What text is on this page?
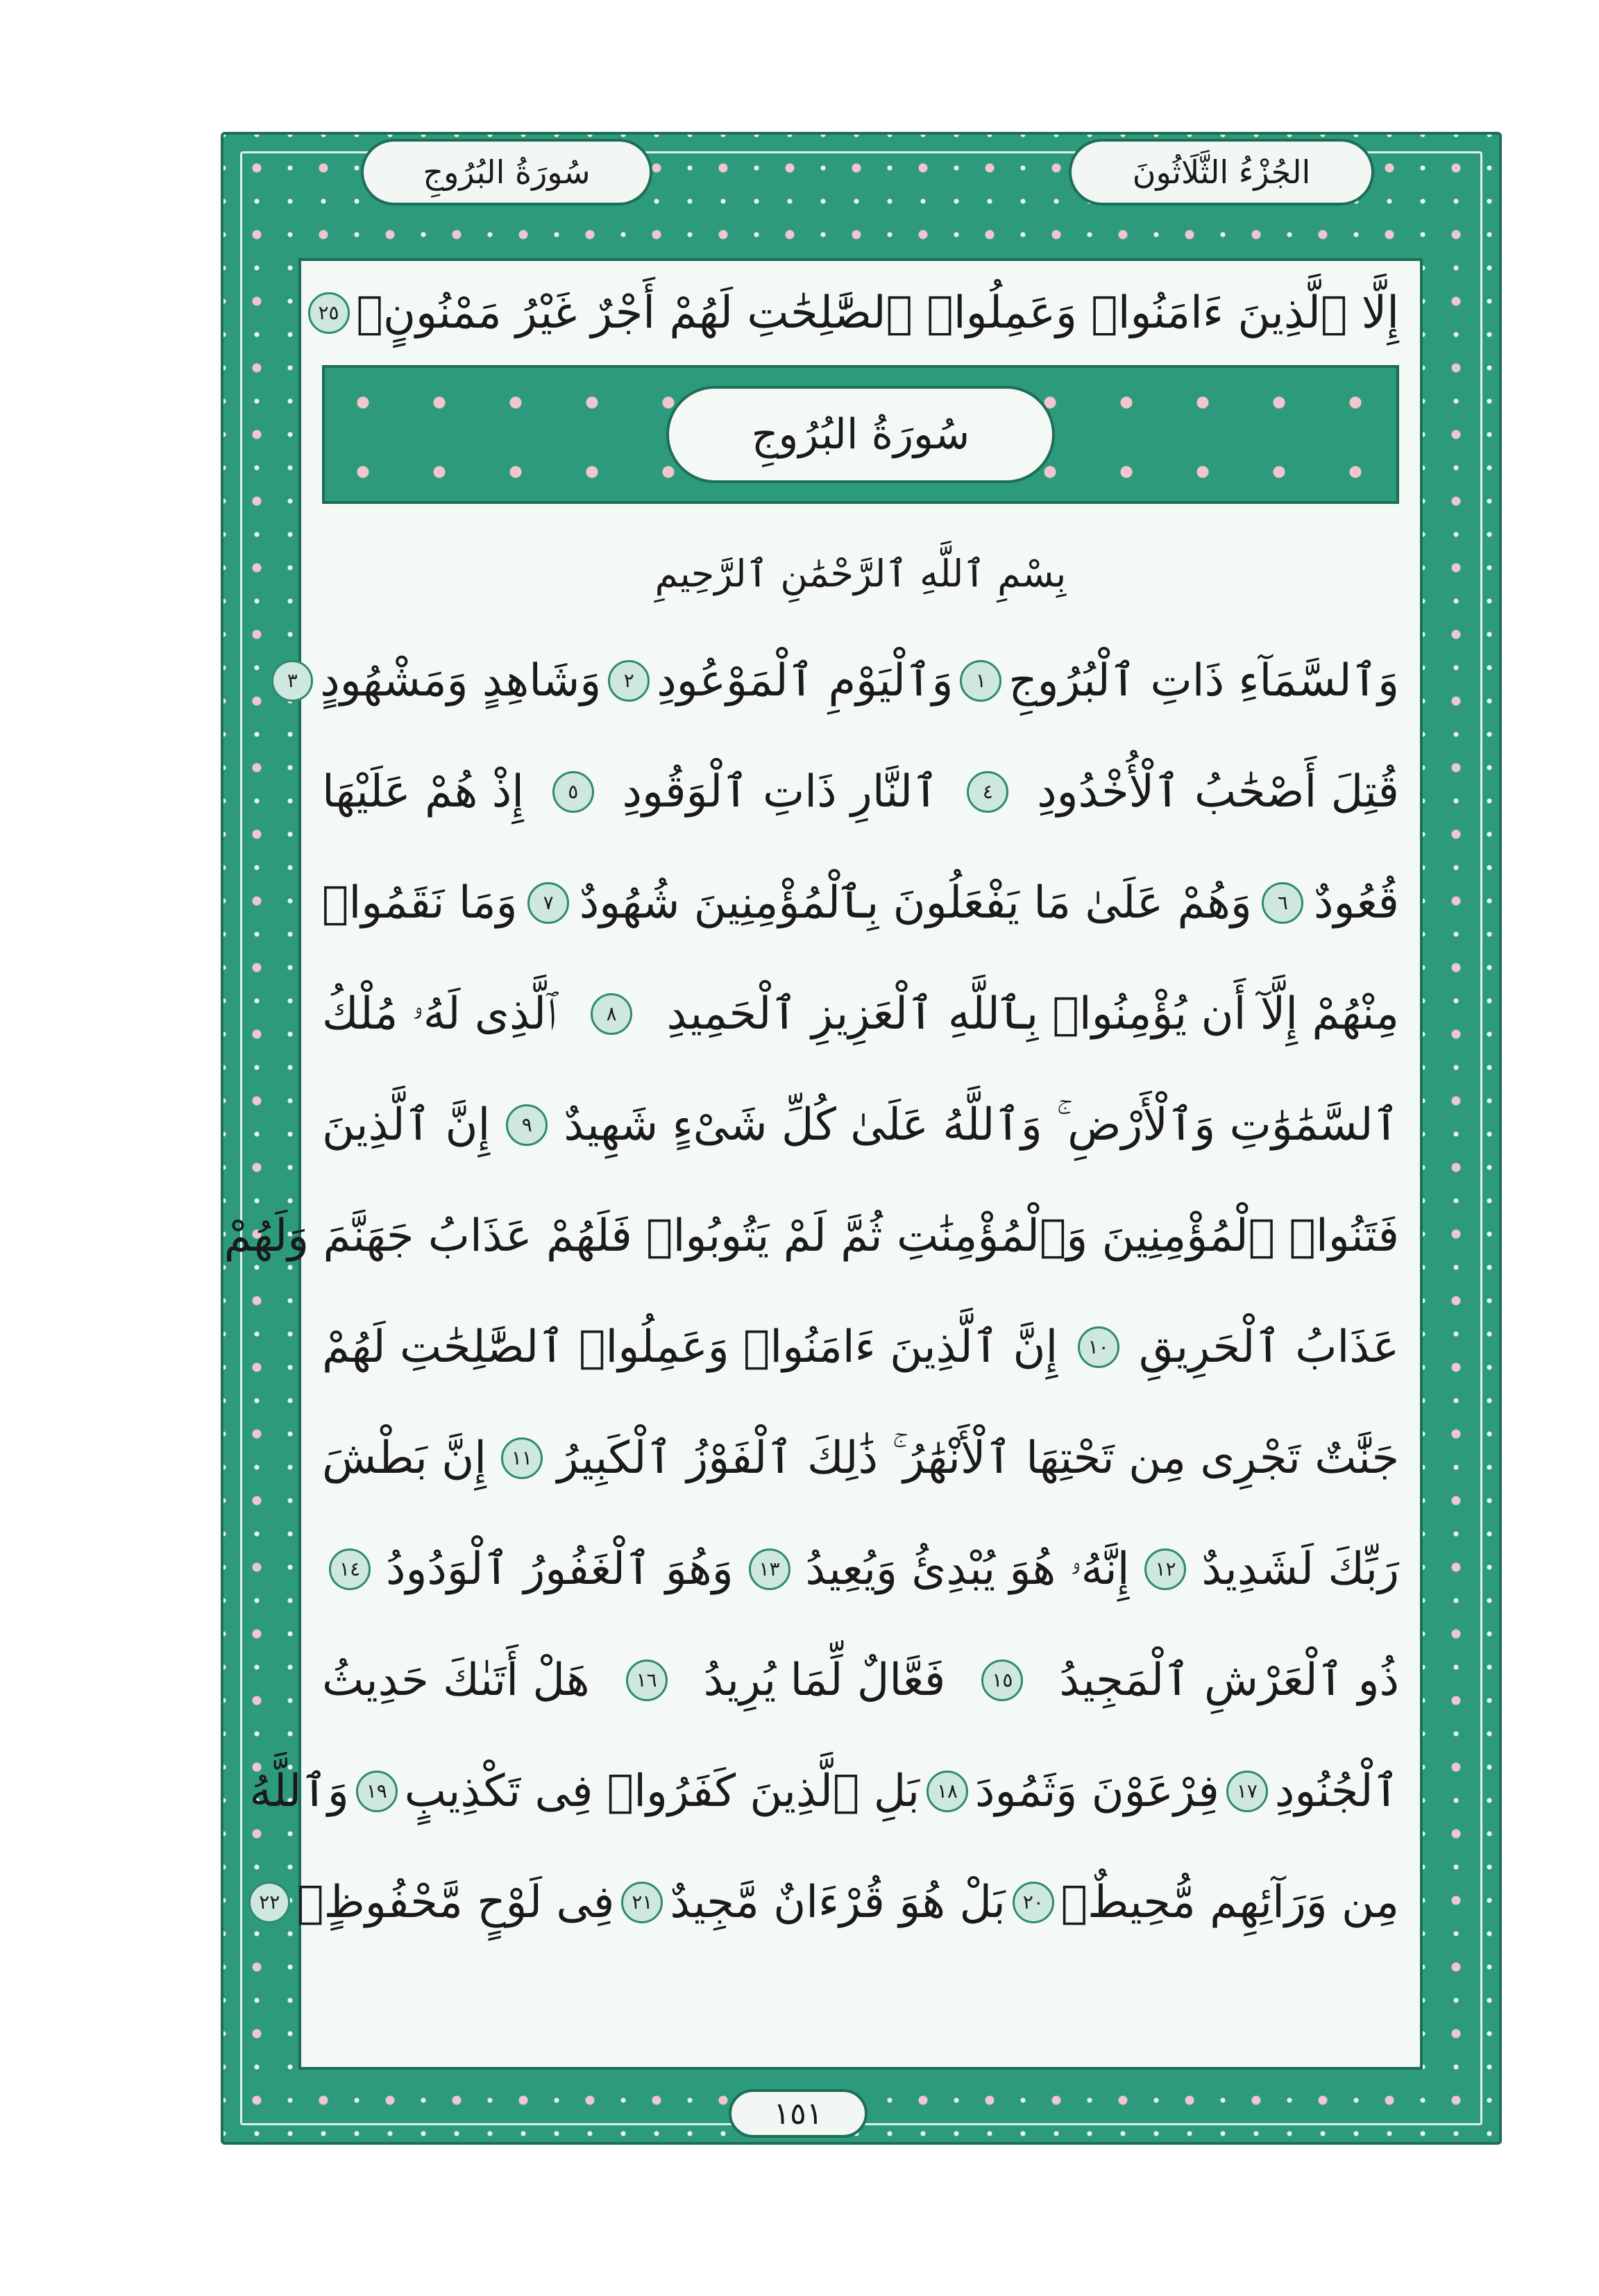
سُورَةُ البُرُوجِ	الجُزْءُ الثَّلَاثُونَ
إِلَّا ٱلَّذِينَ ءَامَنُوا۟ وَعَمِلُوا۟ ٱلصَّٰلِحَٰتِ لَهُمْ أَجْرٌ غَيْرُ مَمْنُونٍۭ
٢٥
سُورَةُ البُرُوجِ
بِسْمِ ٱللَّهِ ٱلرَّحْمَٰنِ ٱلرَّحِيمِ
وَٱلسَّمَآءِ ذَاتِ ٱلْبُرُوجِ
١
وَٱلْيَوْمِ ٱلْمَوْعُودِ
٢
وَشَاهِدٍ وَمَشْهُودٍ
٣
قُتِلَ أَصْحَٰبُ ٱلْأُخْدُودِ
٤
ٱلنَّارِ ذَاتِ ٱلْوَقُودِ
٥
إِذْ هُمْ عَلَيْهَا
قُعُودٌ
٦
وَهُمْ عَلَىٰ مَا يَفْعَلُونَ بِٱلْمُؤْمِنِينَ شُهُودٌ
٧
وَمَا نَقَمُوا۟
مِنْهُمْ إِلَّآ أَن يُؤْمِنُوا۟ بِٱللَّهِ ٱلْعَزِيزِ ٱلْحَمِيدِ
٨
ٱلَّذِى لَهُۥ مُلْكُ
ٱلسَّمَٰوَٰتِ وَٱلْأَرْضِ ۚ وَٱللَّهُ عَلَىٰ كُلِّ شَىْءٍ شَهِيدٌ
٩
إِنَّ ٱلَّذِينَ
فَتَنُوا۟ ٱلْمُؤْمِنِينَ وَٱلْمُؤْمِنَٰتِ ثُمَّ لَمْ يَتُوبُوا۟ فَلَهُمْ عَذَابُ جَهَنَّمَ وَلَهُمْ
عَذَابُ ٱلْحَرِيقِ
١٠
إِنَّ ٱلَّذِينَ ءَامَنُوا۟ وَعَمِلُوا۟ ٱلصَّٰلِحَٰتِ لَهُمْ
جَنَّٰتٌ تَجْرِى مِن تَحْتِهَا ٱلْأَنْهَٰرُ ۚ ذَٰلِكَ ٱلْفَوْزُ ٱلْكَبِيرُ
١١
إِنَّ بَطْشَ
رَبِّكَ لَشَدِيدٌ
١٢
إِنَّهُۥ هُوَ يُبْدِئُ وَيُعِيدُ
١٣
وَهُوَ ٱلْغَفُورُ ٱلْوَدُودُ
١٤
ذُو ٱلْعَرْشِ ٱلْمَجِيدُ
١٥
فَعَّالٌ لِّمَا يُرِيدُ
١٦
هَلْ أَتَىٰكَ حَدِيثُ
ٱلْجُنُودِ
١٧
فِرْعَوْنَ وَثَمُودَ
١٨
بَلِ ٱلَّذِينَ كَفَرُوا۟ فِى تَكْذِيبٍ
١٩
وَٱللَّهُ
مِن وَرَآئِهِم مُّحِيطٌۢ
٢٠
بَلْ هُوَ قُرْءَانٌ مَّجِيدٌ
٢١
فِى لَوْحٍ مَّحْفُوظٍۭ
٢٢
١٥١
